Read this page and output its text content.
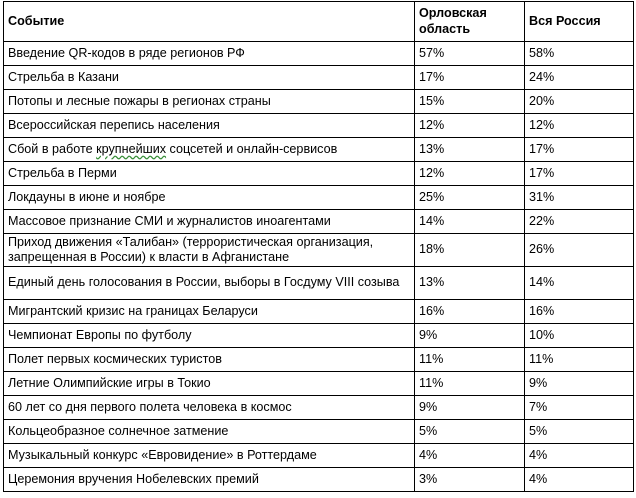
Событие	Орловская область	Вся Россия
Введение QR-кодов в ряде регионов РФ	57%	58%
Стрельба в Казани	17%	24%
Потопы и лесные пожары в регионах страны	15%	20%
Всероссийская перепись населения	12%	12%
Сбой в работе крупнейших соцсетей и онлайн-сервисов	13%	17%
Стрельба в Перми	12%	17%
Локдауны в июне и ноябре	25%	31%
Массовое признание СМИ и журналистов иноагентами	14%	22%
Приход движения «Талибан» (террористическая организация, запрещенная в России) к власти в Афганистане	18%	26%
Единый день голосования в России, выборы в Госдуму VIII созыва	13%	14%
Мигрантский кризис на границах Беларуси	16%	16%
Чемпионат Европы по футболу	9%	10%
Полет первых космических туристов	11%	11%
Летние Олимпийские игры в Токио	11%	9%
60 лет со дня первого полета человека в космос	9%	7%
Кольцеобразное солнечное затмение	5%	5%
Музыкальный конкурс «Евровидение» в Роттердаме	4%	4%
Церемония вручения Нобелевских премий	3%	4%
